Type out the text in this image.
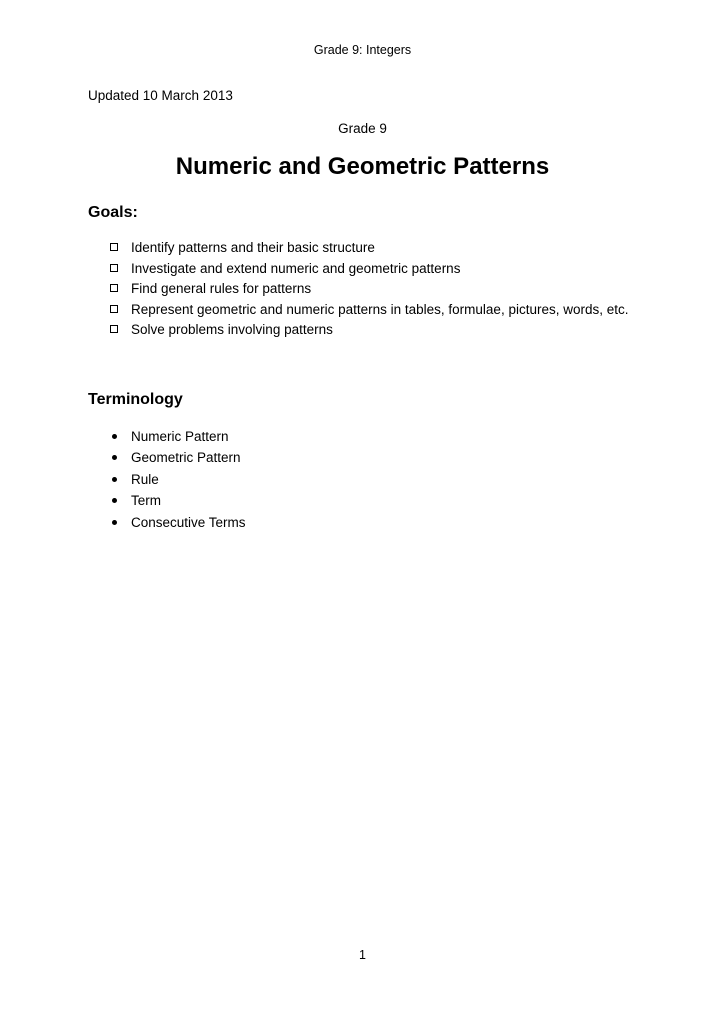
Grade 9: Integers
Updated 10 March 2013
Grade 9
Numeric and Geometric Patterns
Goals:
Identify patterns and their basic structure
Investigate and extend numeric and geometric patterns
Find general rules for patterns
Represent geometric and numeric patterns in tables, formulae, pictures, words, etc.
Solve problems involving patterns
Terminology
Numeric Pattern
Geometric Pattern
Rule
Term
Consecutive Terms
1
